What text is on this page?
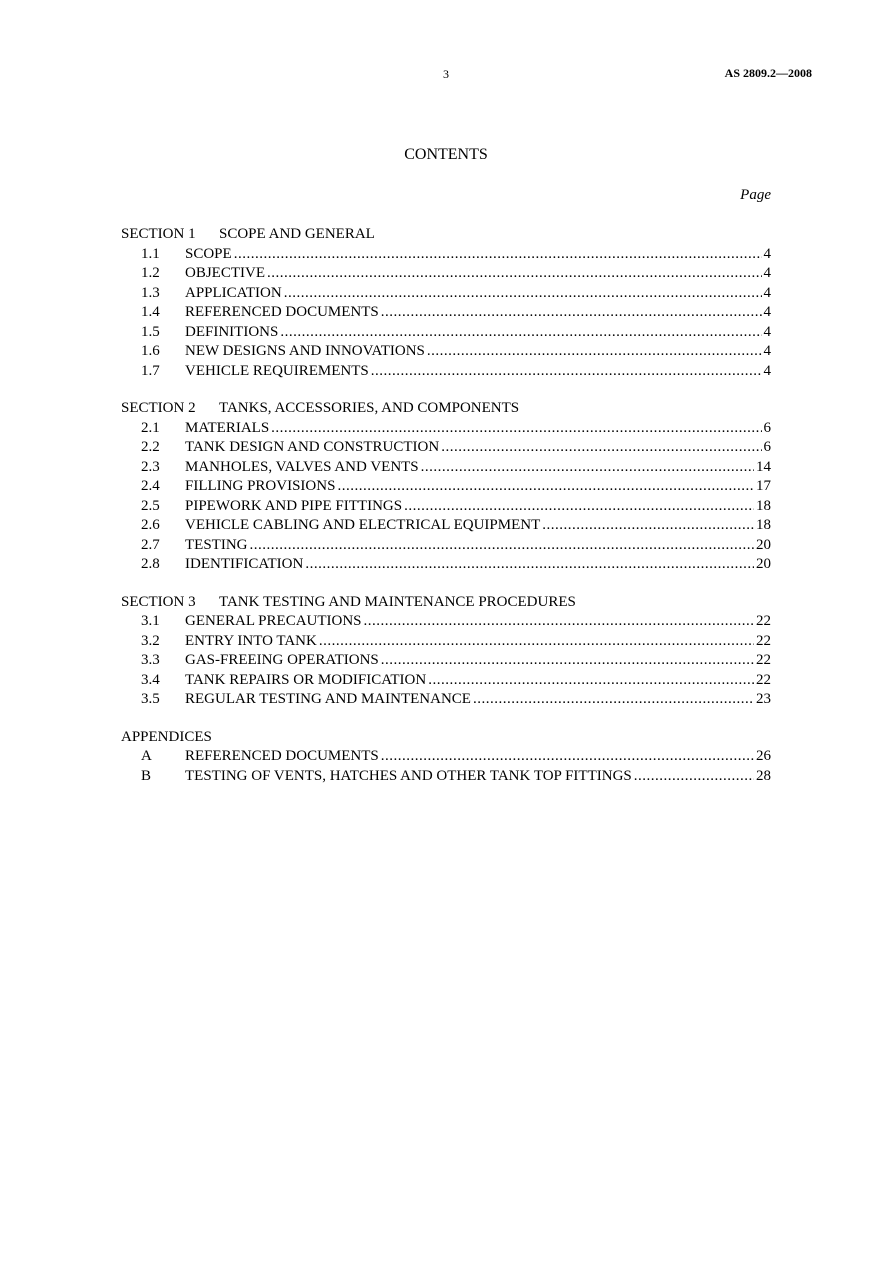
3	AS 2809.2—2008
CONTENTS
Page
SECTION 1 SCOPE AND GENERAL
1.1	SCOPE .....	4
1.2	OBJECTIVE .....	4
1.3	APPLICATION .....	4
1.4	REFERENCED DOCUMENTS .....	4
1.5	DEFINITIONS .....	4
1.6	NEW DESIGNS AND INNOVATIONS .....	4
1.7	VEHICLE REQUIREMENTS .....	4
SECTION 2 TANKS, ACCESSORIES, AND COMPONENTS
2.1	MATERIALS .....	6
2.2	TANK DESIGN AND CONSTRUCTION .....	6
2.3	MANHOLES, VALVES AND VENTS .....	14
2.4	FILLING PROVISIONS .....	17
2.5	PIPEWORK AND PIPE FITTINGS .....	18
2.6	VEHICLE CABLING AND ELECTRICAL EQUIPMENT .....	18
2.7	TESTING .....	20
2.8	IDENTIFICATION .....	20
SECTION 3 TANK TESTING AND MAINTENANCE PROCEDURES
3.1	GENERAL PRECAUTIONS .....	22
3.2	ENTRY INTO TANK .....	22
3.3	GAS-FREEING OPERATIONS .....	22
3.4	TANK REPAIRS OR MODIFICATION .....	22
3.5	REGULAR TESTING AND MAINTENANCE .....	23
APPENDICES
A	REFERENCED DOCUMENTS .....	26
B	TESTING OF VENTS, HATCHES AND OTHER TANK TOP FITTINGS .....	28
